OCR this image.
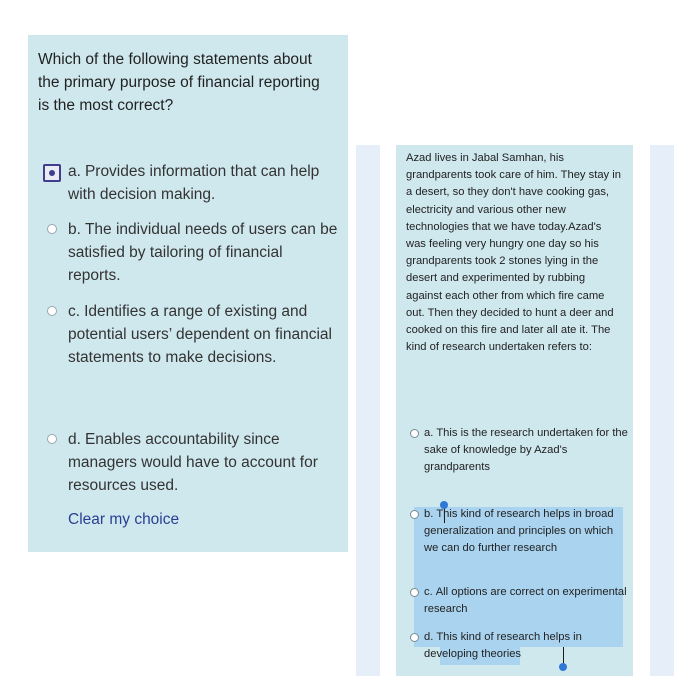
Which of the following statements about the primary purpose of financial reporting is the most correct?

a. Provides information that can help with decision making.
b. The individual needs of users can be satisfied by tailoring of financial reports.
c. Identifies a range of existing and potential users’ dependent on financial statements to make decisions.
d. Enables accountability since managers would have to account for resources used.
Clear my choice
Azad lives in Jabal Samhan, his grandparents took care of him. They stay in a desert, so they don't have cooking gas, electricity and various other new technologies that we have today.Azad's was feeling very hungry one day so his grandparents took 2 stones lying in the desert and experimented by rubbing against each other from which fire came out. Then they decided to hunt a deer and cooked on this fire and later all ate it. The kind of research undertaken refers to:
a. This is the research undertaken for the sake of knowledge by Azad's grandparents
b. This kind of research helps in broad generalization and principles on which we can do further research
c. All options are correct on experimental research
d. This kind of research helps in developing theories
